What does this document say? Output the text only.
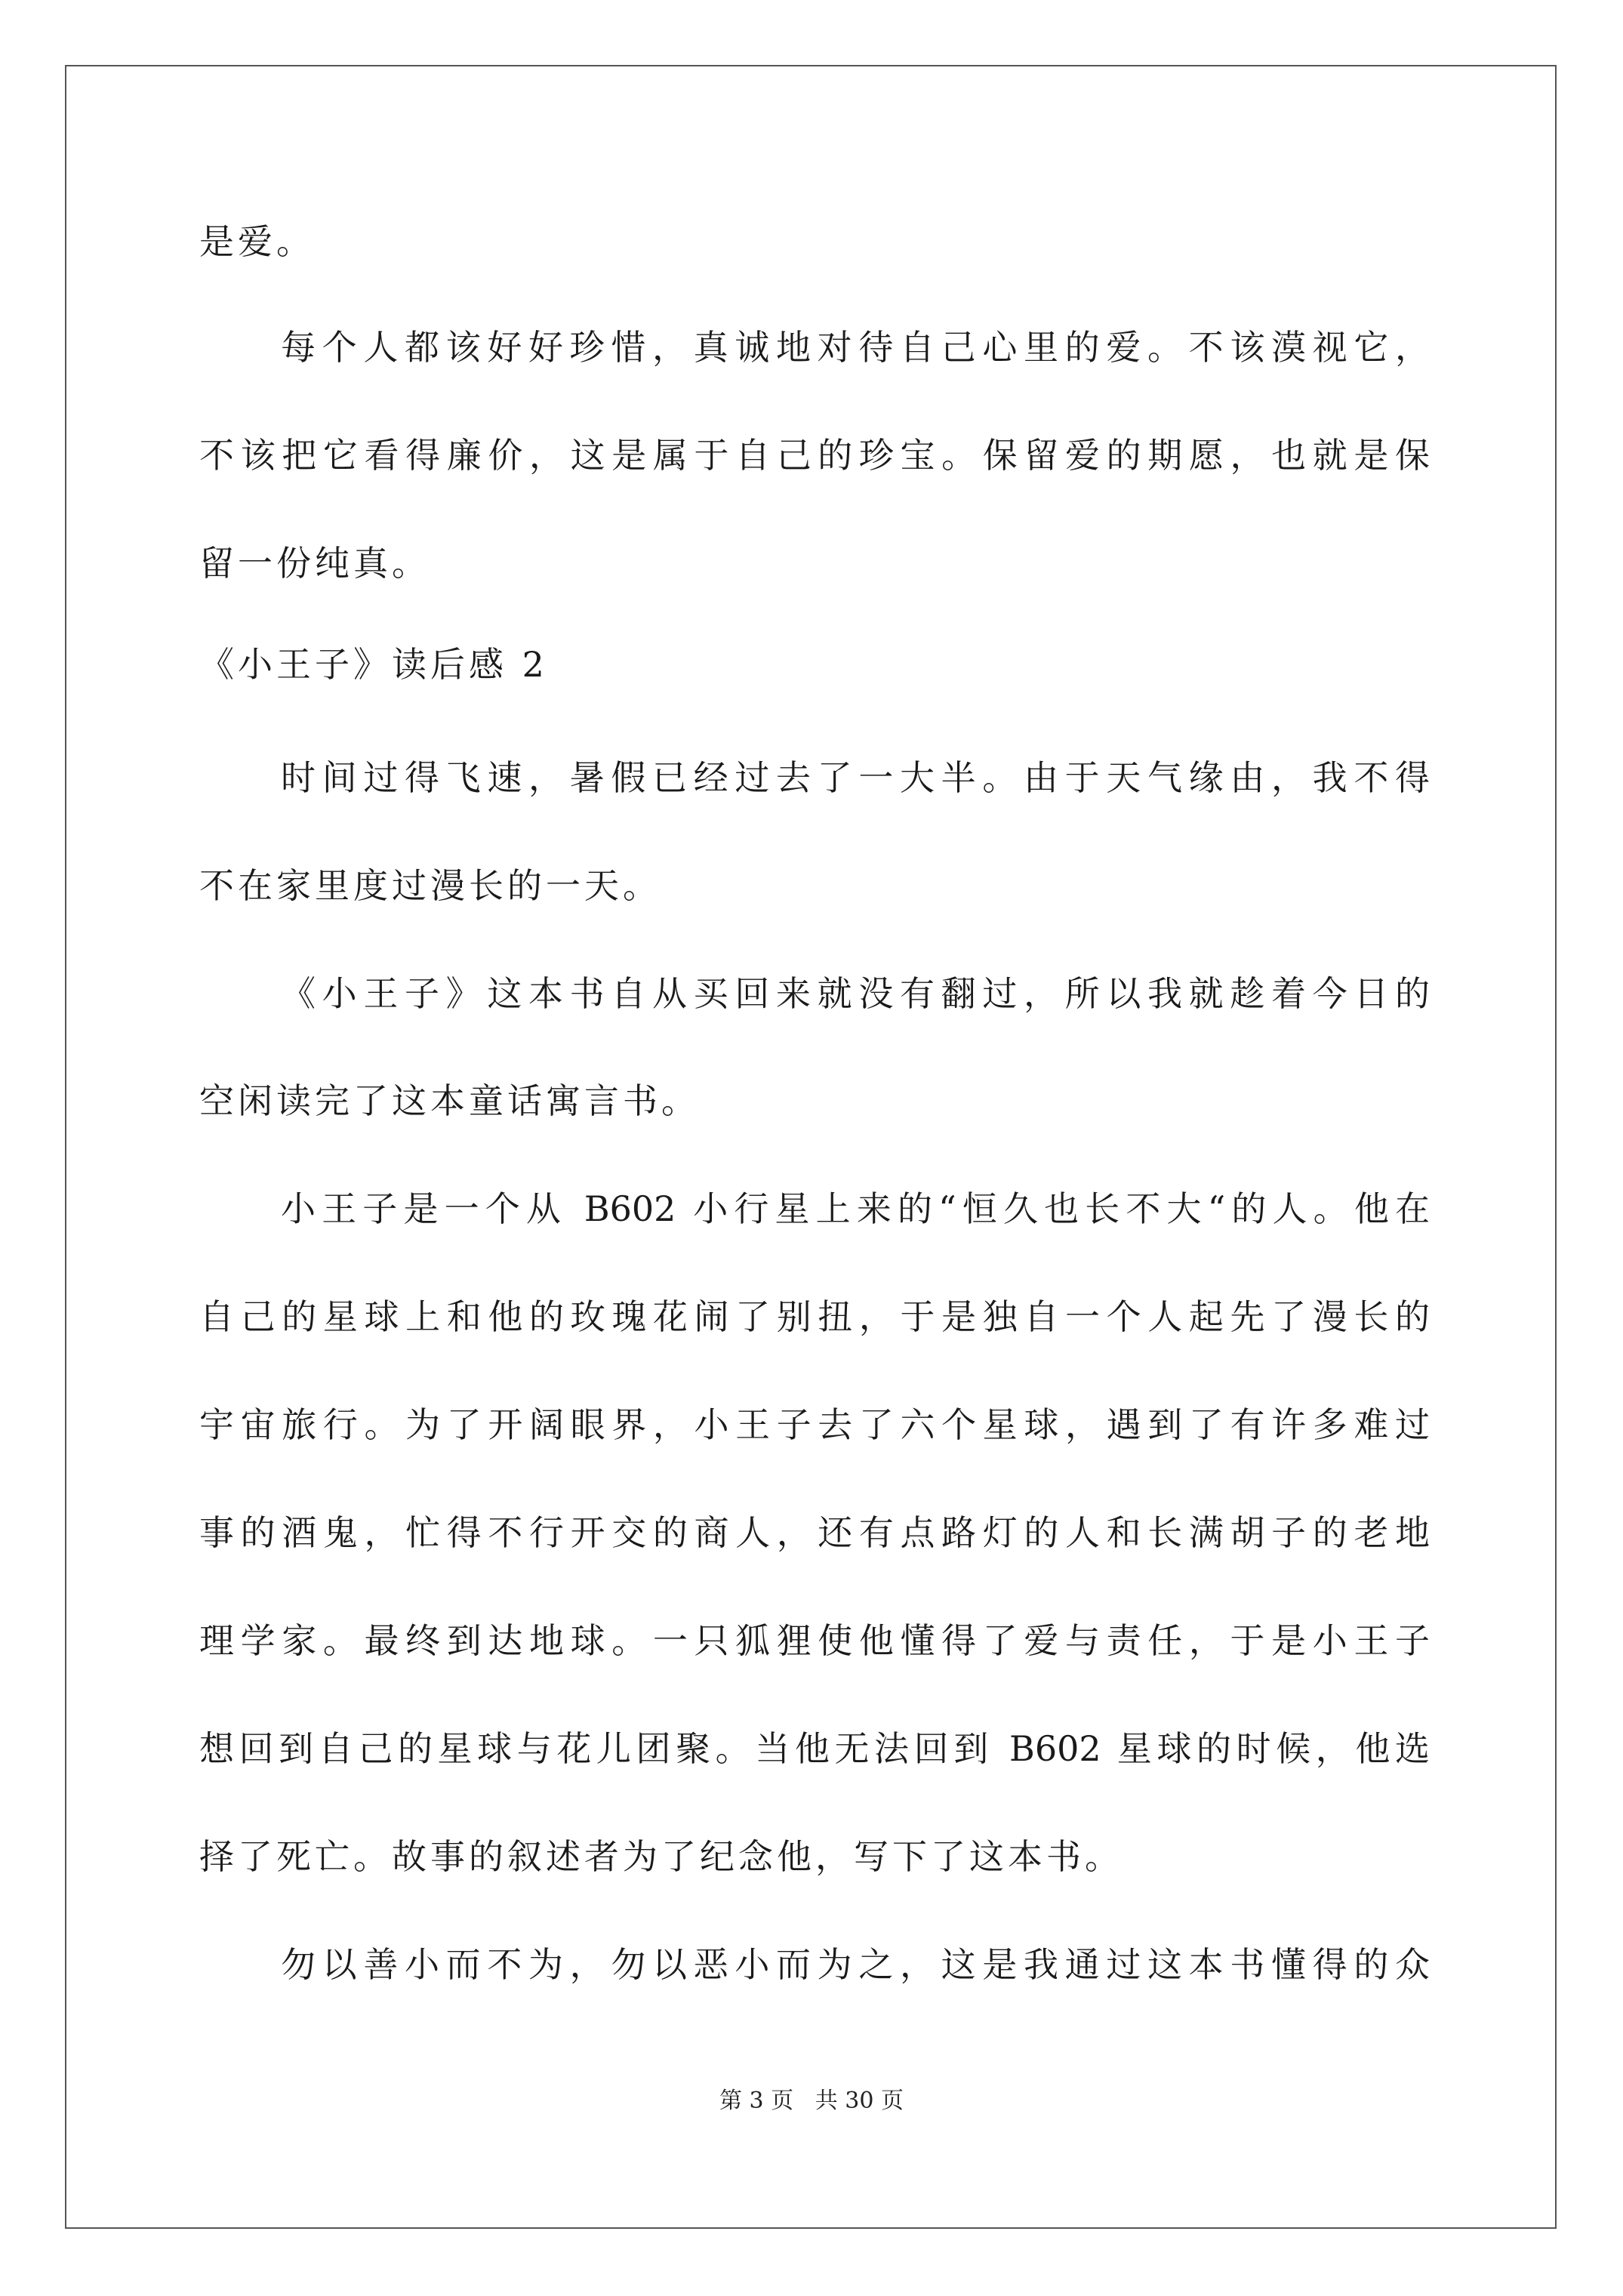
是爱。
每个人都该好好珍惜，真诚地对待自己心里的爱。不该漠视它，
不该把它看得廉价，这是属于自己的珍宝。保留爱的期愿，也就是保
留一份纯真。
《小王子》读后感 2
时间过得飞速，暑假已经过去了一大半。由于天气缘由，我不得
不在家里度过漫长的一天。
《小王子》这本书自从买回来就没有翻过，所以我就趁着今日的
空闲读完了这本童话寓言书。
小王子是一个从 B602 小行星上来的“恒久也长不大“的人。他在
自己的星球上和他的玫瑰花闹了别扭，于是独自一个人起先了漫长的
宇宙旅行。为了开阔眼界，小王子去了六个星球，遇到了有许多难过
事的酒鬼，忙得不行开交的商人，还有点路灯的人和长满胡子的老地
理学家。最终到达地球。一只狐狸使他懂得了爱与责任，于是小王子
想回到自己的星球与花儿团聚。当他无法回到 B602 星球的时候，他选
择了死亡。故事的叙述者为了纪念他，写下了这本书。
勿以善小而不为，勿以恶小而为之，这是我通过这本书懂得的众
第 3 页   共 30 页
